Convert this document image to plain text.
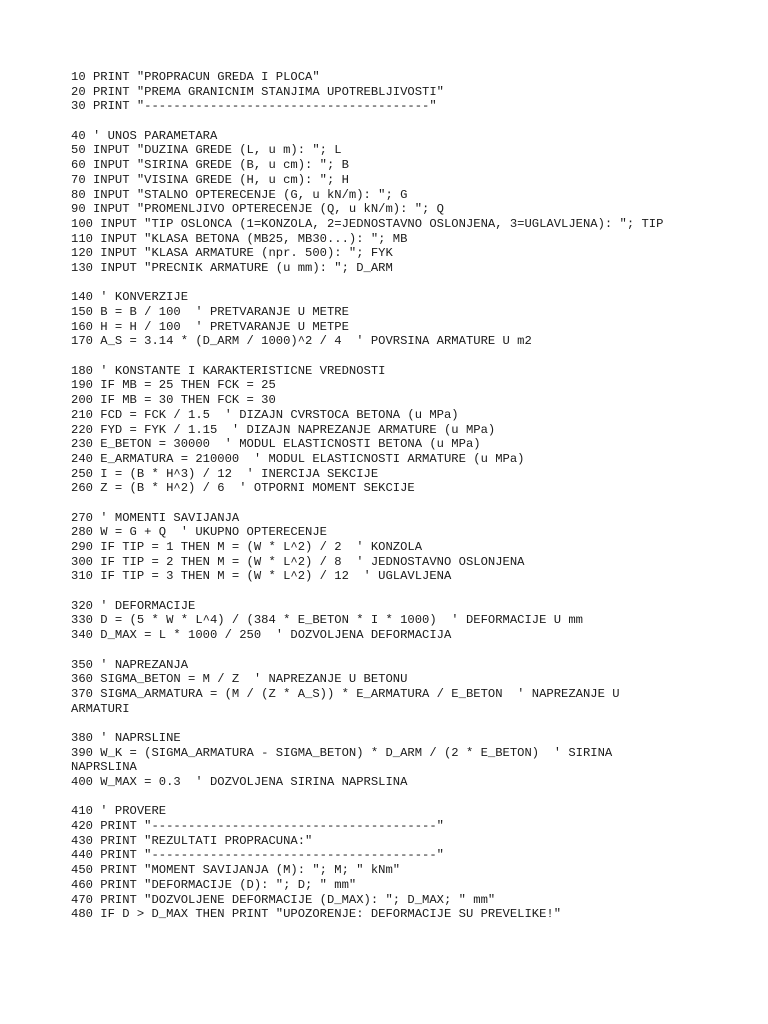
10 PRINT "PROPRACUN GREDA I PLOCA"
20 PRINT "PREMA GRANICNIM STANJIMA UPOTREBLJIVOSTI"
30 PRINT "---------------------------------------"
40 ' UNOS PARAMETARA
50 INPUT "DUZINA GREDE (L, u m): "; L
60 INPUT "SIRINA GREDE (B, u cm): "; B
70 INPUT "VISINA GREDE (H, u cm): "; H
80 INPUT "STALNO OPTERECENJE (G, u kN/m): "; G
90 INPUT "PROMENLJIVO OPTERECENJE (Q, u kN/m): "; Q
100 INPUT "TIP OSLONCA (1=KONZOLA, 2=JEDNOSTAVNO OSLONJENA, 3=UGLAVLJENA): "; TIP
110 INPUT "KLASA BETONA (MB25, MB30...): "; MB
120 INPUT "KLASA ARMATURE (npr. 500): "; FYK
130 INPUT "PRECNIK ARMATURE (u mm): "; D_ARM
140 ' KONVERZIJE
150 B = B / 100  ' PRETVARANJE U METRE
160 H = H / 100  ' PRETVARANJE U METPE
170 A_S = 3.14 * (D_ARM / 1000)^2 / 4  ' POVRSINA ARMATURE U m2
180 ' KONSTANTE I KARAKTERISTICNE VREDNOSTI
190 IF MB = 25 THEN FCK = 25
200 IF MB = 30 THEN FCK = 30
210 FCD = FCK / 1.5  ' DIZAJN CVRSTOCA BETONA (u MPa)
220 FYD = FYK / 1.15  ' DIZAJN NAPREZANJE ARMATURE (u MPa)
230 E_BETON = 30000  ' MODUL ELASTICNOSTI BETONA (u MPa)
240 E_ARMATURA = 210000  ' MODUL ELASTICNOSTI ARMATURE (u MPa)
250 I = (B * H^3) / 12  ' INERCIJA SEKCIJE
260 Z = (B * H^2) / 6  ' OTPORNI MOMENT SEKCIJE
270 ' MOMENTI SAVIJANJA
280 W = G + Q  ' UKUPNO OPTERECENJE
290 IF TIP = 1 THEN M = (W * L^2) / 2  ' KONZOLA
300 IF TIP = 2 THEN M = (W * L^2) / 8  ' JEDNOSTAVNO OSLONJENA
310 IF TIP = 3 THEN M = (W * L^2) / 12  ' UGLAVLJENA
320 ' DEFORMACIJE
330 D = (5 * W * L^4) / (384 * E_BETON * I * 1000)  ' DEFORMACIJE U mm
340 D_MAX = L * 1000 / 250  ' DOZVOLJENA DEFORMACIJA
350 ' NAPREZANJA
360 SIGMA_BETON = M / Z  ' NAPREZANJE U BETONU
370 SIGMA_ARMATURA = (M / (Z * A_S)) * E_ARMATURA / E_BETON  ' NAPREZANJE U
ARMATURI
380 ' NAPRSLINE
390 W_K = (SIGMA_ARMATURA - SIGMA_BETON) * D_ARM / (2 * E_BETON)  ' SIRINA
NAPRSLINA
400 W_MAX = 0.3  ' DOZVOLJENA SIRINA NAPRSLINA
410 ' PROVERE
420 PRINT "---------------------------------------"
430 PRINT "REZULTATI PROPRACUNA:"
440 PRINT "---------------------------------------"
450 PRINT "MOMENT SAVIJANJA (M): "; M; " kNm"
460 PRINT "DEFORMACIJE (D): "; D; " mm"
470 PRINT "DOZVOLJENE DEFORMACIJE (D_MAX): "; D_MAX; " mm"
480 IF D > D_MAX THEN PRINT "UPOZORENJE: DEFORMACIJE SU PREVELIKE!"
